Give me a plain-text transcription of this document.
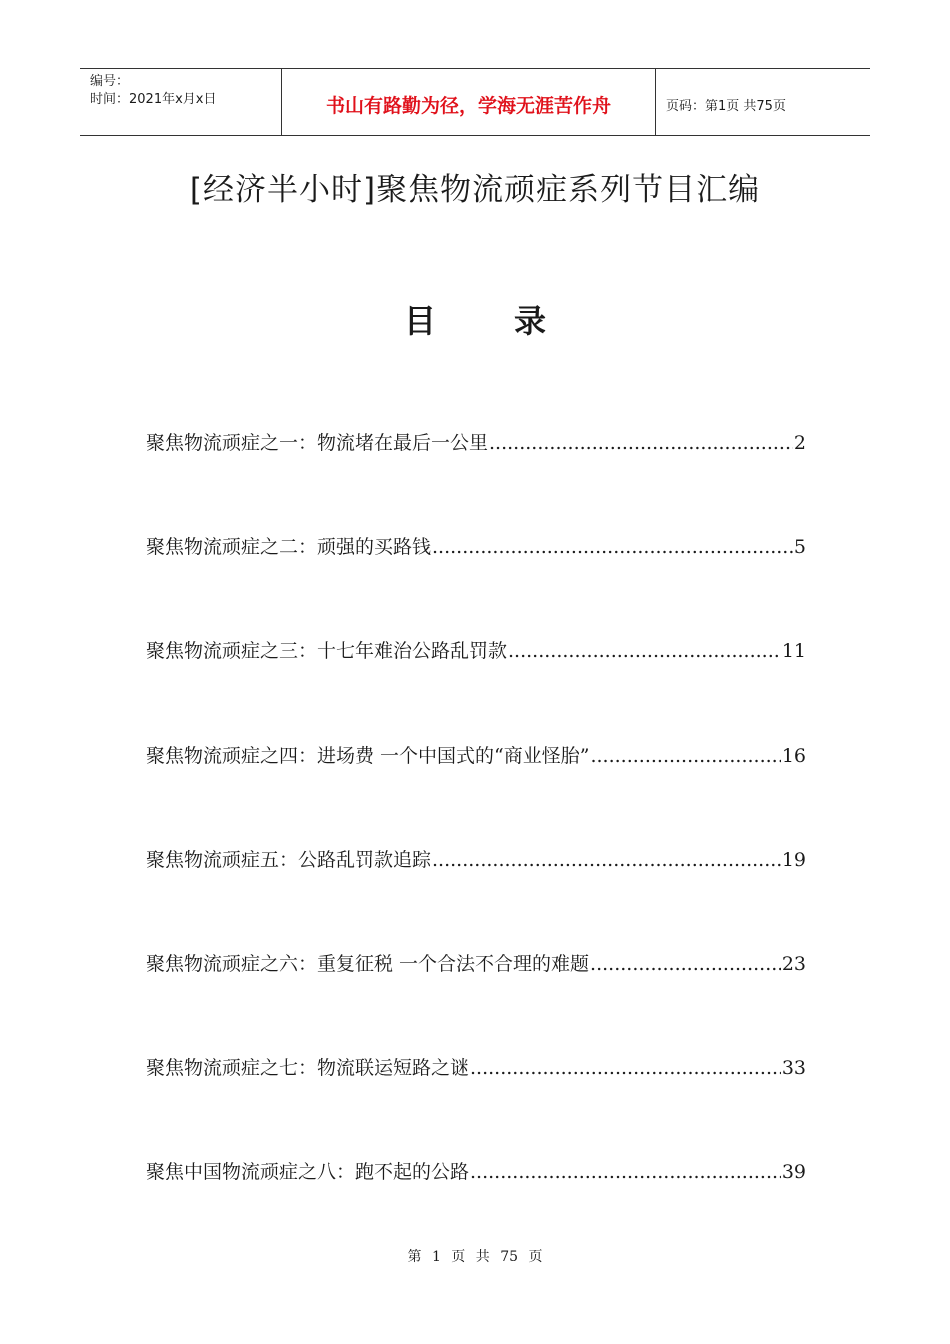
编号：
时间：2021年x月x日	书山有路勤为径，学海无涯苦作舟	页码：第1页 共75页
[经济半小时]聚焦物流顽症系列节目汇编
目录
聚焦物流顽症之一：物流堵在最后一公里 .....	2
聚焦物流顽症之二：顽强的买路钱 .....	5
聚焦物流顽症之三：十七年难治公路乱罚款 .....	11
聚焦物流顽症之四：进场费 一个中国式的“商业怪胎” .....	16
聚焦物流顽症五：公路乱罚款追踪 .....	19
聚焦物流顽症之六：重复征税 一个合法不合理的难题 .....	23
聚焦物流顽症之七：物流联运短路之谜 .....	33
聚焦中国物流顽症之八：跑不起的公路 .....	39
第 1 页 共 75 页
